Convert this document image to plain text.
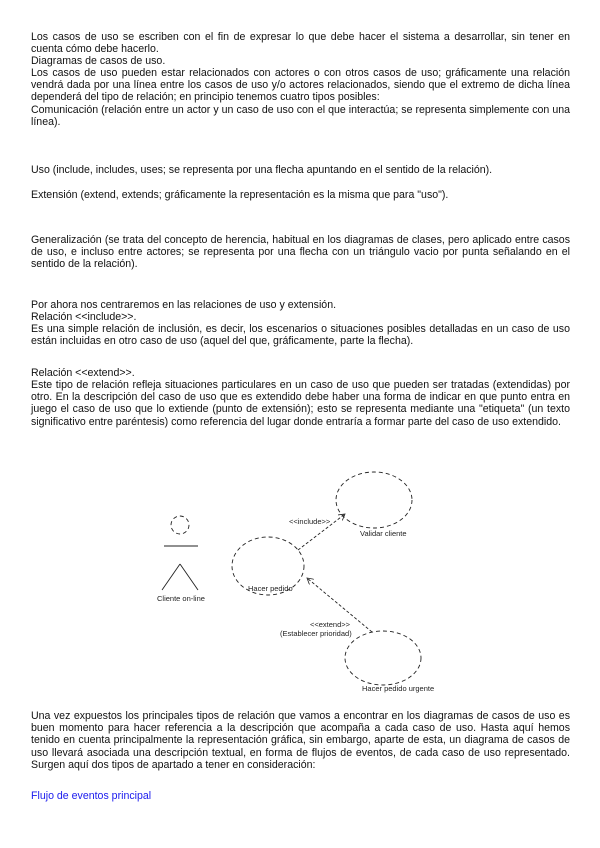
Los casos de uso se escriben con el fin de expresar lo que debe hacer el sistema a desarrollar, sin tener en cuenta cómo debe hacerlo.

Diagramas de casos de uso.

Los casos de uso pueden estar relacionados con actores o con otros casos de uso; gráficamente una relación vendrá dada por una línea entre los casos de uso y/o actores relacionados, siendo que el extremo de dicha línea dependerá del tipo de relación; en principio tenemos cuatro tipos posibles:

Comunicación (relación entre un actor y un caso de uso con el que interactúa; se representa simplemente con una línea).

Uso (include, includes, uses; se representa por una flecha apuntando en el sentido de la relación).

Extensión (extend, extends; gráficamente la representación es la misma que para "uso").

Generalización (se trata del concepto de herencia, habitual en los diagramas de clases, pero aplicado entre casos de uso, e incluso entre actores; se representa por una flecha con un triángulo vacio por punta señalando en el sentido de la relación).

Por ahora nos centraremos en las relaciones de uso y extensión.

Relación <<include>>.

Es una simple relación de inclusión, es decir, los escenarios o situaciones posibles detalladas en un caso de uso están incluidas en otro caso de uso (aquel del que, gráficamente, parte la flecha).

Relación <<extend>>.

Este tipo de relación refleja situaciones particulares en un caso de uso que pueden ser tratadas (extendidas) por otro. En la descripción del caso de uso que es extendido debe haber una forma de indicar en que punto entra en juego el caso de uso que lo extiende (punto de extensión); esto se representa mediante una "etiqueta" (un texto significativo entre paréntesis) como referencia del lugar donde entraría a formar parte del caso de uso extendido.

Cliente on-line
Hacer pedido
Validar cliente
Hacer pedido urgente
<<include>>
<<extend>>
(Establecer prioridad)

Una vez expuestos los principales tipos de relación que vamos a encontrar en los diagramas de casos de uso es buen momento para hacer referencia a la descripción que acompaña a cada caso de uso. Hasta aquí hemos tenido en cuenta principalmente la representación gráfica, sin embargo, aparte de esta, un diagrama de casos de uso llevará asociada una descripción textual, en forma de flujos de eventos, de cada caso de uso representado. Surgen aquí dos tipos de apartado a tener en consideración:

Flujo de eventos principal
